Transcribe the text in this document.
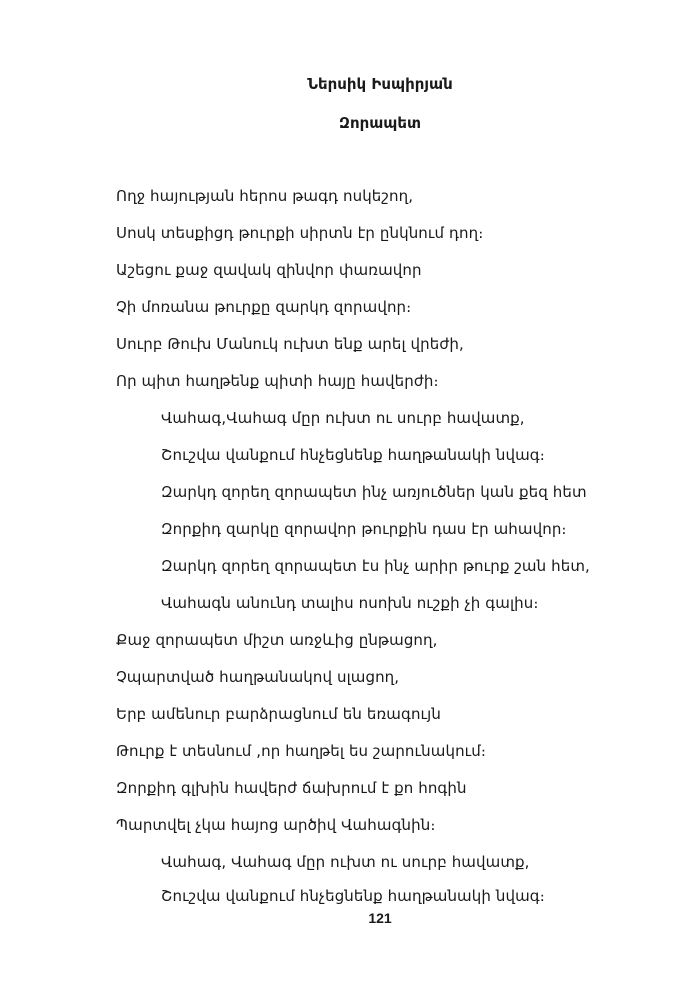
Ներսիկ Իսպիրյան
Զորապետ
Ողջ հայության հերոս թագդ ոսկեշող,
Սոսկ տեսքիցդ թուրքի սիրտն էր ընկնում դող։
Աշեցու քաջ զավակ զինվոր փառավոր
Չի մոռանա թուրքը զարկդ զորավոր։
Սուրբ Թուխ Մանուկ ուխտ ենք արել վրեժի,
Որ պիտ հաղթենք պիտի հայը հավերժի։
Վահագ,Վահագ մըր ուխտ ու սուրբ հավատք,
Շուշվա վանքում հնչեցնենք հաղթանակի նվագ։
Զարկդ զորեղ զորապետ ինչ առյուծներ կան քեզ հետ
Զորքիդ զարկը զորավոր թուրքին դաս էր ահավոր։
Զարկդ զորեղ զորապետ էս ինչ արիր թուրք շան հետ,
Վահագն անունդ տալիս ոսոխն ուշքի չի գալիս։
Քաջ զորապետ միշտ առջևից ընթացող,
Չպարտված հաղթանակով սլացող,
Երբ ամենուր բարձրացնում են եռագույն
Թուրք է տեսնում ,որ հաղթել ես շարունակում։
Զորքիդ գլխին հավերժ ճախրում է քո հոգին
Պարտվել չկա հայոց արծիվ Վահագնին։
Վահագ, Վահագ մըր ուխտ ու սուրբ հավատք,
Շուշվա վանքում հնչեցնենք հաղթանակի նվագ։
121
